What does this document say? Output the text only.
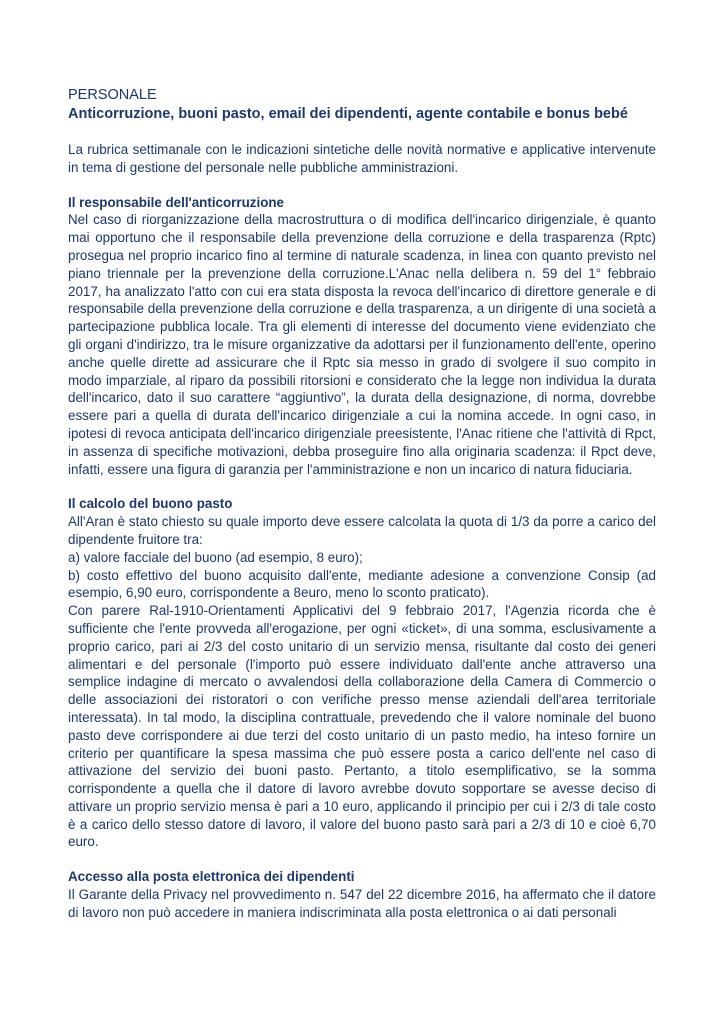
PERSONALE
Anticorruzione, buoni pasto, email dei dipendenti, agente contabile e bonus bebé

La rubrica settimanale con le indicazioni sintetiche delle novità normative e applicative intervenute in tema di gestione del personale nelle pubbliche amministrazioni.

Il responsabile dell'anticorruzione

Nel caso di riorganizzazione della macrostruttura o di modifica dell'incarico dirigenziale, è quanto mai opportuno che il responsabile della prevenzione della corruzione e della trasparenza (Rptc) prosegua nel proprio incarico fino al termine di naturale scadenza, in linea con quanto previsto nel piano triennale per la prevenzione della corruzione.L'Anac nella delibera n. 59 del 1° febbraio 2017, ha analizzato l'atto con cui era stata disposta la revoca dell'incarico di direttore generale e di responsabile della prevenzione della corruzione e della trasparenza, a un dirigente di una società a partecipazione pubblica locale. Tra gli elementi di interesse del documento viene evidenziato che gli organi d'indirizzo, tra le misure organizzative da adottarsi per il funzionamento dell'ente, operino anche quelle dirette ad assicurare che il Rptc sia messo in grado di svolgere il suo compito in modo imparziale, al riparo da possibili ritorsioni e considerato che la legge non individua la durata dell'incarico, dato il suo carattere “aggiuntivo”, la durata della designazione, di norma, dovrebbe essere pari a quella di durata dell'incarico dirigenziale a cui la nomina accede. In ogni caso, in ipotesi di revoca anticipata dell'incarico dirigenziale preesistente, l'Anac ritiene che l'attività di Rpct, in assenza di specifiche motivazioni, debba proseguire fino alla originaria scadenza: il Rpct deve, infatti, essere una figura di garanzia per l'amministrazione e non un incarico di natura fiduciaria.

Il calcolo del buono pasto

All'Aran è stato chiesto su quale importo deve essere calcolata la quota di 1/3 da porre a carico del dipendente fruitore tra:

a) valore facciale del buono (ad esempio, 8 euro);

b) costo effettivo del buono acquisito dall'ente, mediante adesione a convenzione Consip (ad esempio, 6,90 euro, corrispondente a 8euro, meno lo sconto praticato).

Con parere Ral-1910-Orientamenti Applicativi del 9 febbraio 2017, l'Agenzia ricorda che è sufficiente che l'ente provveda all'erogazione, per ogni «ticket», di una somma, esclusivamente a proprio carico, pari ai 2/3 del costo unitario di un servizio mensa, risultante dal costo dei generi alimentari e del personale (l'importo può essere individuato dall'ente anche attraverso una semplice indagine di mercato o avvalendosi della collaborazione della Camera di Commercio o delle associazioni dei ristoratori o con verifiche presso mense aziendali dell'area territoriale interessata). In tal modo, la disciplina contrattuale, prevedendo che il valore nominale del buono pasto deve corrispondere ai due terzi del costo unitario di un pasto medio, ha inteso fornire un criterio per quantificare la spesa massima che può essere posta a carico dell'ente nel caso di attivazione del servizio dei buoni pasto. Pertanto, a titolo esemplificativo, se la somma corrispondente a quella che il datore di lavoro avrebbe dovuto sopportare se avesse deciso di attivare un proprio servizio mensa è pari a 10 euro, applicando il principio per cui i 2/3 di tale costo è a carico dello stesso datore di lavoro, il valore del buono pasto sarà pari a 2/3 di 10 e cioè 6,70 euro.

Accesso alla posta elettronica dei dipendenti

Il Garante della Privacy nel provvedimento n. 547 del 22 dicembre 2016, ha affermato che il datore di lavoro non può accedere in maniera indiscriminata alla posta elettronica o ai dati personali
